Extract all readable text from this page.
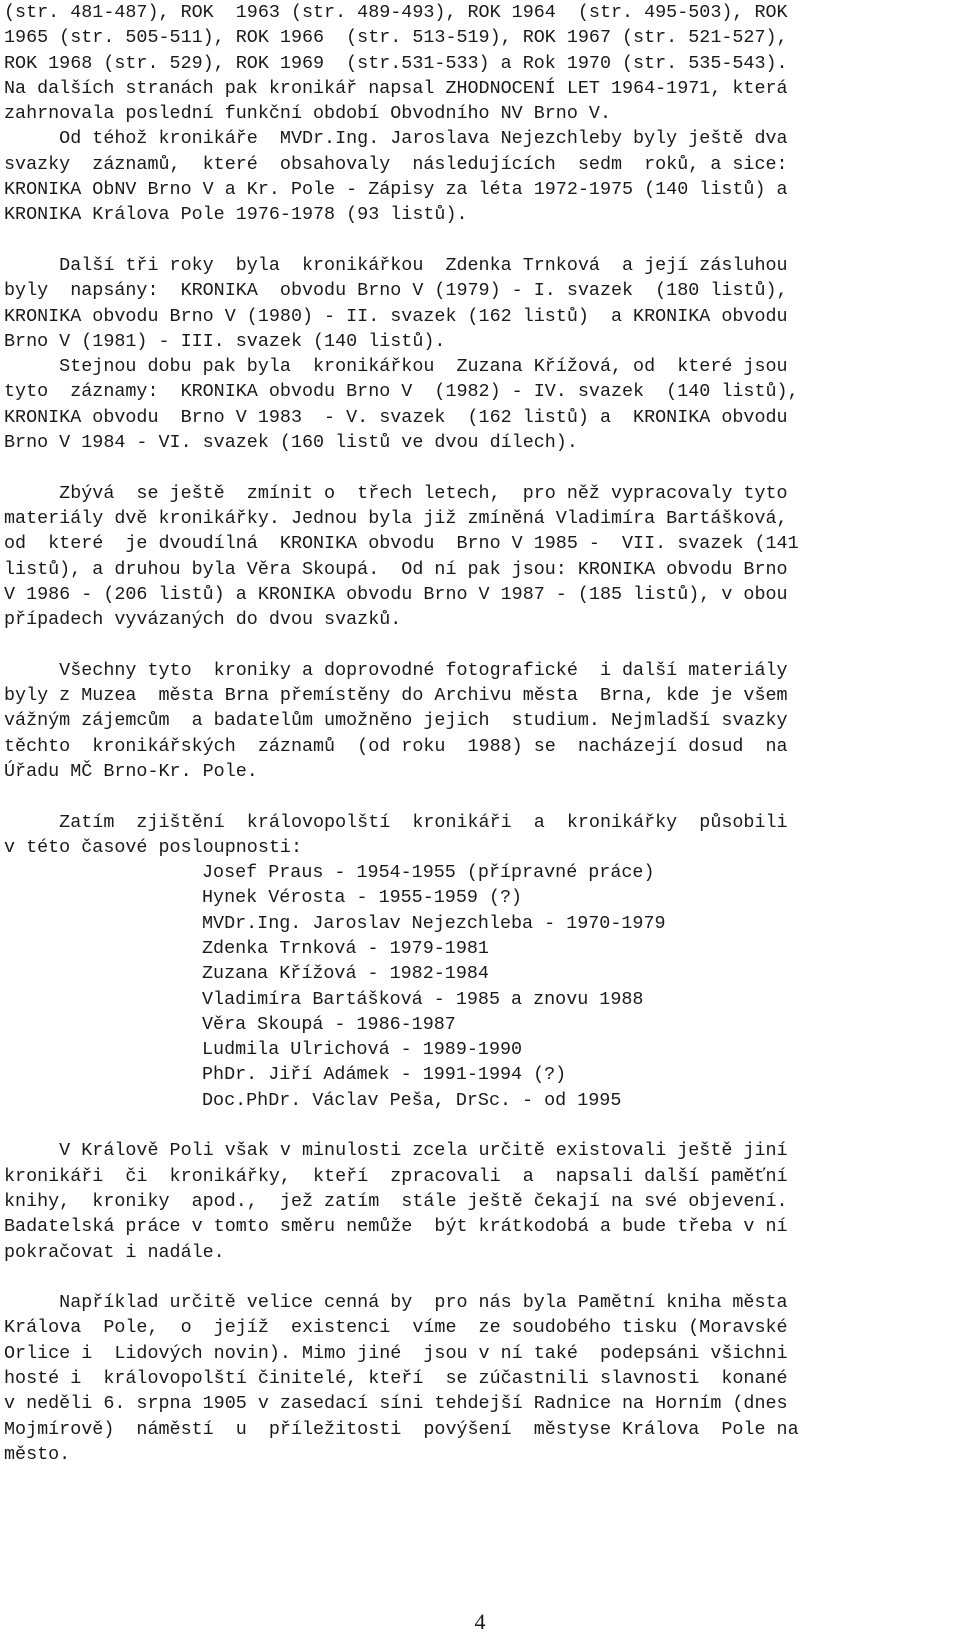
(str. 481-487), ROK  1963 (str. 489-493), ROK 1964  (str. 495-503), ROK
1965 (str. 505-511), ROK 1966  (str. 513-519), ROK 1967 (str. 521-527),
ROK 1968 (str. 529), ROK 1969  (str.531-533) a Rok 1970 (str. 535-543).
Na dalších stranách pak kronikář napsal ZHODNOCENÍ LET 1964-1971, která
zahrnovala poslední funkční období Obvodního NV Brno V.
Od téhož kronikáře  MVDr.Ing. Jaroslava Nejezchleby byly ještě dva
svazky  záznamů,  které  obsahovaly  následujících  sedm  roků, a sice:
KRONIKA ObNV Brno V a Kr. Pole - Zápisy za léta 1972-1975 (140 listů) a
KRONIKA Králova Pole 1976-1978 (93 listů).
Další tři roky  byla  kronikářkou  Zdenka Trnková  a její zásluhou
byly  napsány:  KRONIKA  obvodu Brno V (1979) - I. svazek  (180 listů),
KRONIKA obvodu Brno V (1980) - II. svazek (162 listů)  a KRONIKA obvodu
Brno V (1981) - III. svazek (140 listů).
Stejnou dobu pak byla  kronikářkou  Zuzana Křížová, od  které jsou
tyto  záznamy:  KRONIKA obvodu Brno V  (1982) - IV. svazek  (140 listů),
KRONIKA obvodu  Brno V 1983  - V. svazek  (162 listů) a  KRONIKA obvodu
Brno V 1984 - VI. svazek (160 listů ve dvou dílech).
Zbývá  se ještě  zmínit o  třech letech,  pro něž vypracovaly tyto
materiály dvě kronikářky. Jednou byla již zmíněná Vladimíra Bartášková,
od  které  je dvoudílná  KRONIKA obvodu  Brno V 1985 -  VII. svazek (141
listů), a druhou byla Věra Skoupá.  Od ní pak jsou: KRONIKA obvodu Brno
V 1986 - (206 listů) a KRONIKA obvodu Brno V 1987 - (185 listů), v obou
případech vyvázaných do dvou svazků.
Všechny tyto  kroniky a doprovodné fotografické  i další materiály
byly z Muzea  města Brna přemístěny do Archivu města  Brna, kde je všem
vážným zájemcům  a badatelům umožněno jejich  studium. Nejmladší svazky
těchto  kronikářských  záznamů  (od roku  1988) se  nacházejí dosud  na
Úřadu MČ Brno-Kr. Pole.
Zatím  zjištění  královopolští  kronikáři  a  kronikářky  působili
v této časové posloupnosti:
Josef Praus - 1954-1955 (přípravné práce)
Hynek Vérosta - 1955-1959 (?)
MVDr.Ing. Jaroslav Nejezchleba - 1970-1979
Zdenka Trnková - 1979-1981
Zuzana Křížová - 1982-1984
Vladimíra Bartášková - 1985 a znovu 1988
Věra Skoupá - 1986-1987
Ludmila Ulrichová - 1989-1990
PhDr. Jiří Adámek - 1991-1994 (?)
Doc.PhDr. Václav Peša, DrSc. - od 1995
V Králově Poli však v minulosti zcela určitě existovali ještě jiní
kronikáři  či  kronikářky,  kteří  zpracovali  a  napsali další paměťní
knihy,  kroniky  apod.,  jež zatím  stále ještě čekají na své objevení.
Badatelská práce v tomto směru nemůže  být krátkodobá a bude třeba v ní
pokračovat i nadále.
Například určitě velice cenná by  pro nás byla Pamětní kniha města
Králova  Pole,  o  jejíž  existenci  víme  ze soudobého tisku (Moravské
Orlice i  Lidových novin). Mimo jiné  jsou v ní také  podepsáni všichni
hosté i  královopolští činitelé, kteří  se zúčastnili slavnosti  konané
v neděli 6. srpna 1905 v zasedací síni tehdejší Radnice na Horním (dnes
Mojmírově)  náměstí  u  příležitosti  povýšení  městyse Králova  Pole na
město.
4
